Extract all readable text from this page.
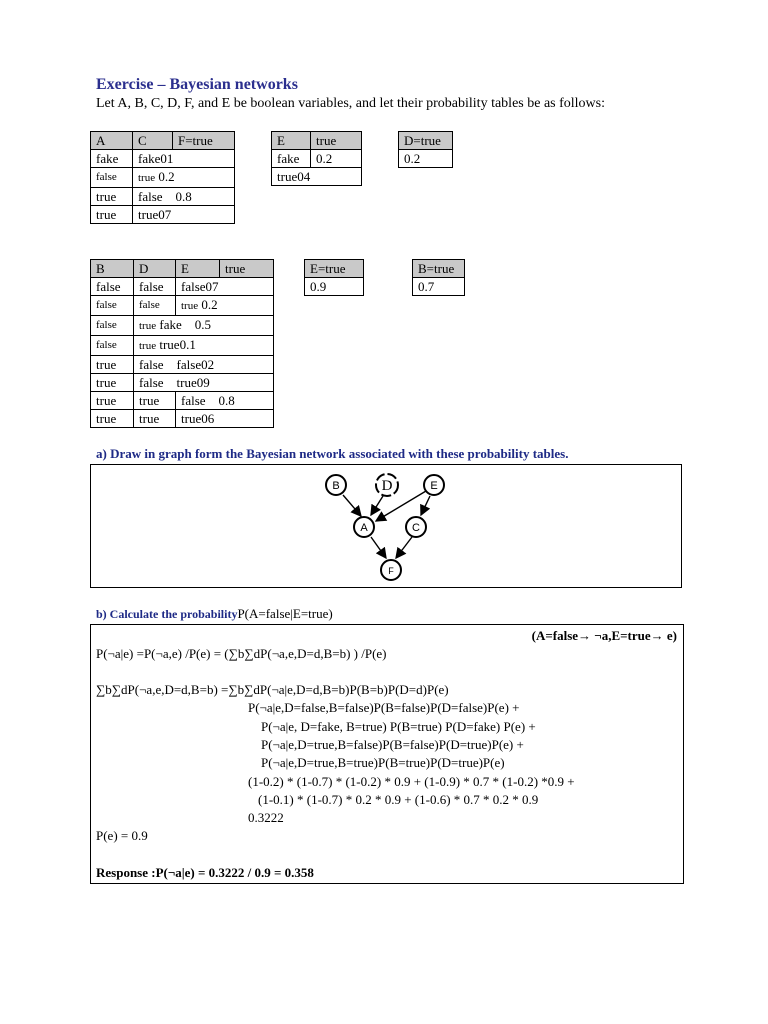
Exercise – Bayesian networks
Let A, B, C, D, F, and E be boolean variables, and let their probability tables be as follows:
A	C	F=true
fake	fake01	
false	true 0.2	
true	false 0.8	
true	true07	
E	true
fake	0.2
true04	
D=true
0.2
B	D	E	true
false	false	false07	
false	false	true 0.2	
false	true fake 0.5		
false	true true0.1		
true	false false02		
true	false true09		
true	true	false 0.8	
true	true	true06	
E=true
0.9
B=true
0.7
a) Draw in graph form the Bayesian network associated with these probability tables.
B	D	E
A	C
F
b) Calculate the probabilityP(A=false|E=true)
(A=false→ ¬a,E=true→ e)
P(¬a|e) =P(¬a,e) /P(e) = (∑b∑dP(¬a,e,D=d,B=b) ) /P(e)
∑b∑dP(¬a,e,D=d,B=b) =∑b∑dP(¬a|e,D=d,B=b)P(B=b)P(D=d)P(e)
P(¬a|e,D=false,B=false)P(B=false)P(D=false)P(e) +
P(¬a|e, D=fake, B=true) P(B=true) P(D=fake) P(e) +
P(¬a|e,D=true,B=false)P(B=false)P(D=true)P(e) +
P(¬a|e,D=true,B=true)P(B=true)P(D=true)P(e)
(1-0.2) * (1-0.7) * (1-0.2) * 0.9 + (1-0.9) * 0.7 * (1-0.2) *0.9 +
(1-0.1) * (1-0.7) * 0.2 * 0.9 + (1-0.6) * 0.7 * 0.2 * 0.9
0.3222
P(e) = 0.9
Response :P(¬a|e) = 0.3222 / 0.9 = 0.358
